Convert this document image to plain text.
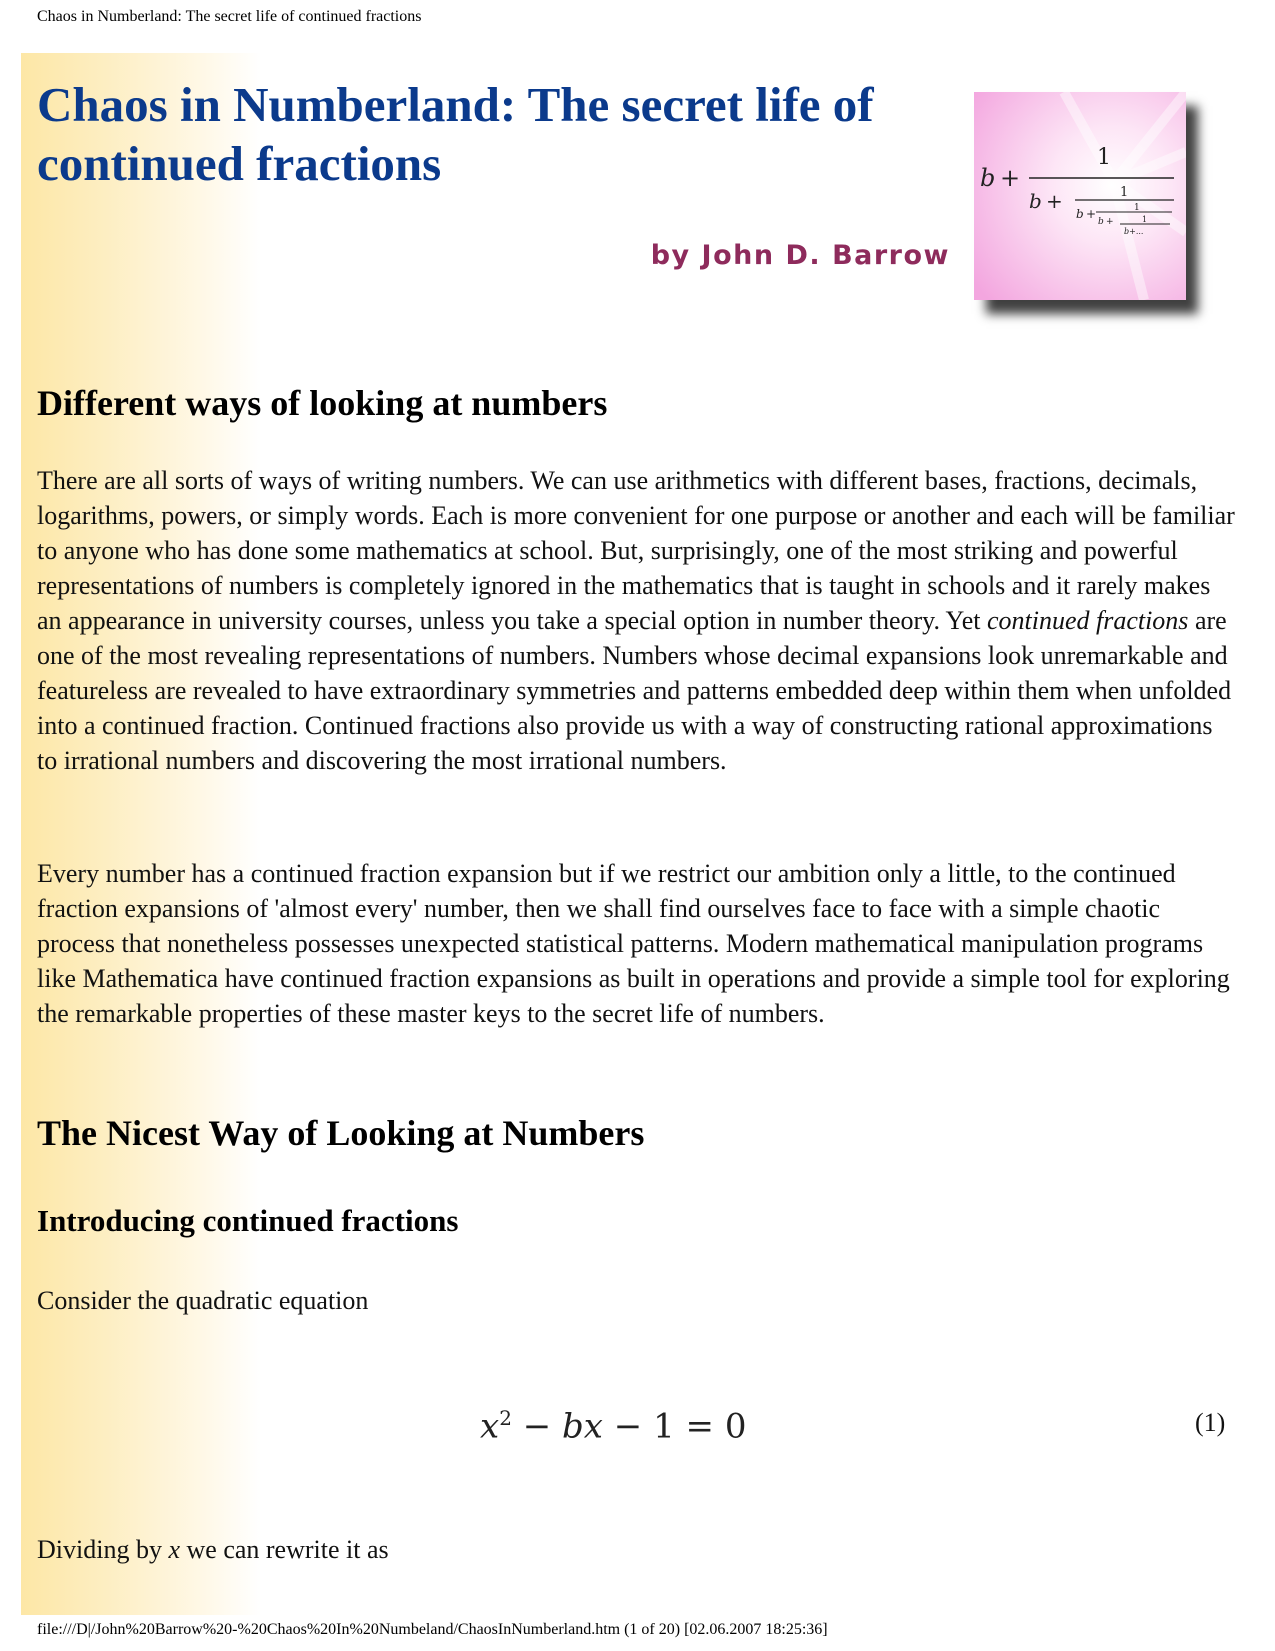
Chaos in Numberland: The secret life of continued fractions
Chaos in Numberland: The secret life of continued fractions
by John D. Barrow
b +
1
b +	1
b +	1
b +	1
b+...
Different ways of looking at numbers

There are all sorts of ways of writing numbers. We can use arithmetics with different bases, fractions, decimals, logarithms, powers, or simply words. Each is more convenient for one purpose or another and each will be familiar to anyone who has done some mathematics at school. But, surprisingly, one of the most striking and powerful representations of numbers is completely ignored in the mathematics that is taught in schools and it rarely makes an appearance in university courses, unless you take a special option in number theory. Yet continued fractions are one of the most revealing representations of numbers. Numbers whose decimal expansions look unremarkable and featureless are revealed to have extraordinary symmetries and patterns embedded deep within them when unfolded into a continued fraction. Continued fractions also provide us with a way of constructing rational approximations to irrational numbers and discovering the most irrational numbers.

Every number has a continued fraction expansion but if we restrict our ambition only a little, to the continued fraction expansions of 'almost every' number, then we shall find ourselves face to face with a simple chaotic process that nonetheless possesses unexpected statistical patterns. Modern mathematical manipulation programs like Mathematica have continued fraction expansions as built in operations and provide a simple tool for exploring the remarkable properties of these master keys to the secret life of numbers.

The Nicest Way of Looking at Numbers
Introducing continued fractions

Consider the quadratic equation

$x^2$ − bx − 1 = 0	(1)

Dividing by x we can rewrite it as

file:///D|/John%20Barrow%20-%20Chaos%20In%20Numbeland/ChaosInNumberland.htm (1 of 20) [02.06.2007 18:25:36]
